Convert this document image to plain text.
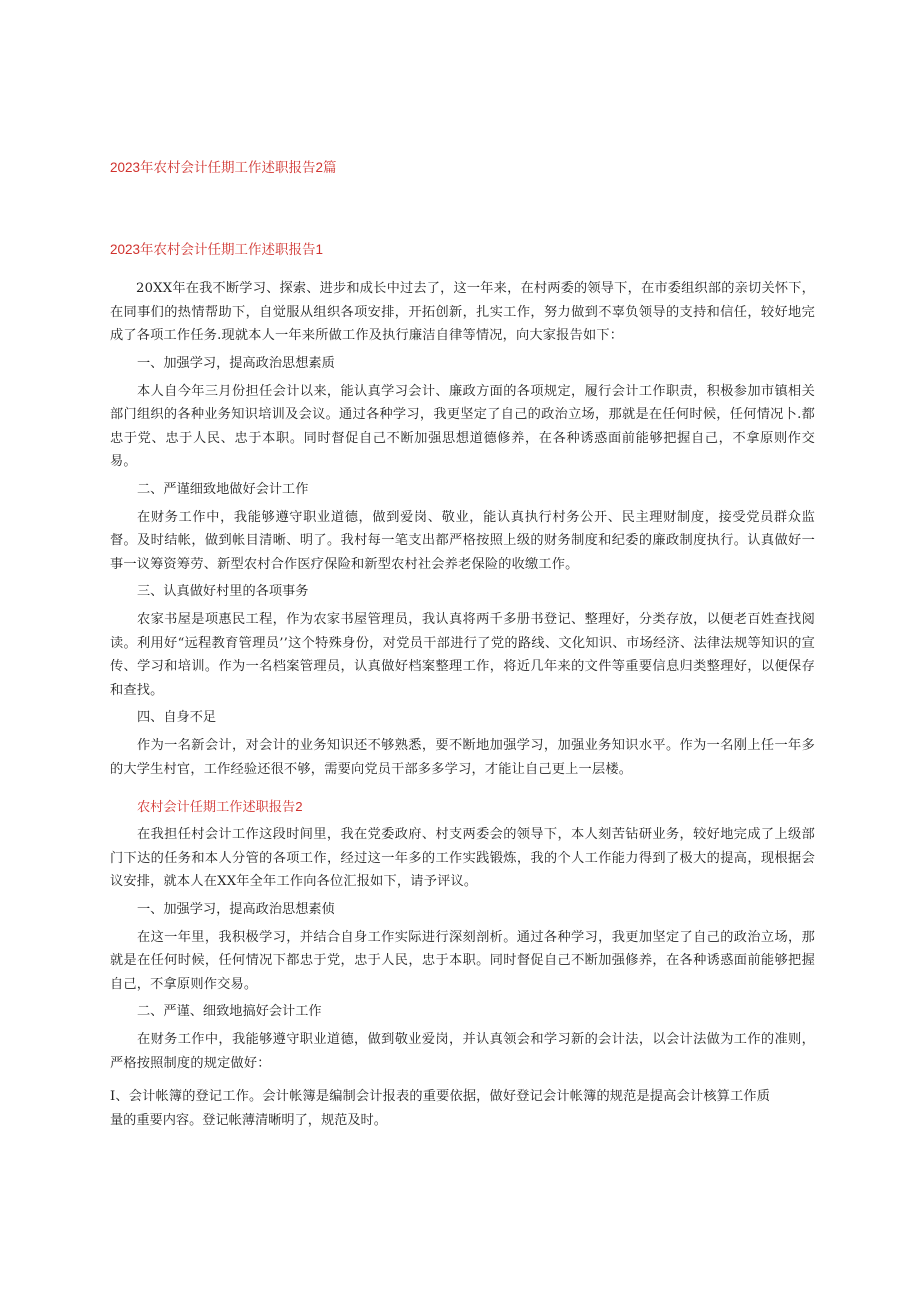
2023年农村会计任期工作述职报告2篇
2023年农村会计任期工作述职报告1

20XX年在我不断学习、探索、进步和成长中过去了，这一年来，在村两委的领导下，在市委组织部的亲切关怀下，在同事们的热情帮助下，自觉服从组织各项安排，开拓创新，扎实工作，努力做到不辜负领导的支持和信任，较好地完成了各项工作任务.现就本人一年来所做工作及执行廉洁自律等情况，向大家报告如下：

一、加强学习，提高政治思想素质

本人自今年三月份担任会计以来，能认真学习会计、廉政方面的各项规定，履行会计工作职责，积极参加市镇相关部门组织的各种业务知识培训及会议。通过各种学习，我更坚定了自己的政治立场，那就是在任何时候，任何情况卜.都忠于党、忠于人民、忠于本职。同时督促自己不断加强思想道德修养，在各种诱惑面前能够把握自己，不拿原则作交易。

二、严谨细致地做好会计工作

在财务工作中，我能够遵守职业道德，做到爱岗、敬业，能认真执行村务公开、民主理财制度，接受党员群众监督。及时结帐，做到帐目清晰、明了。我村每一笔支出都严格按照上级的财务制度和纪委的廉政制度执行。认真做好一事一议筹资筹劳、新型农村合作医疗保险和新型农村社会养老保险的收缴工作。

三、认真做好村里的各项事务

农家书屋是项惠民工程，作为农家书屋管理员，我认真将两千多册书登记、整理好，分类存放，以便老百姓查找阅读。利用好“远程教育管理员’’这个特殊身份，对党员干部进行了党的路线、文化知识、市场经济、法律法规等知识的宣传、学习和培训。作为一名档案管理员，认真做好档案整理工作，将近几年来的文件等重要信息归类整理好，以便保存和查找。

四、自身不足

作为一名新会计，对会计的业务知识还不够熟悉，要不断地加强学习，加强业务知识水平。作为一名刚上任一年多的大学生村官，工作经验还很不够，需要向党员干部多多学习，才能让自己更上一层楼。

农村会计任期工作述职报告2

在我担任村会计工作这段时间里，我在党委政府、村支两委会的领导下，本人刻苦钻研业务，较好地完成了上级部门下达的任务和本人分管的各项工作，经过这一年多的工作实践锻炼，我的个人工作能力得到了极大的提高，现根据会议安排，就本人在XX年全年工作向各位汇报如下，请予评议。

一、加强学习，提高政治思想素侦

在这一年里，我积极学习，并结合自身工作实际进行深刻剖析。通过各种学习，我更加坚定了自己的政治立场，那就是在任何时候，任何情况下都忠于党，忠于人民，忠于本职。同时督促自己不断加强修养，在各种诱惑面前能够把握自己，不拿原则作交易。

二、严谨、细致地搞好会计工作

在财务工作中，我能够遵守职业道德，做到敬业爱岗，并认真领会和学习新的会计法，以会计法做为工作的准则，严格按照制度的规定做好：

I、会计帐簿的登记工作。会计帐簿是编制会计报表的重要依据，做好登记会计帐簿的规范是提高会计核算工作质量的重要内容。登记帐薄清晰明了，规范及时。
